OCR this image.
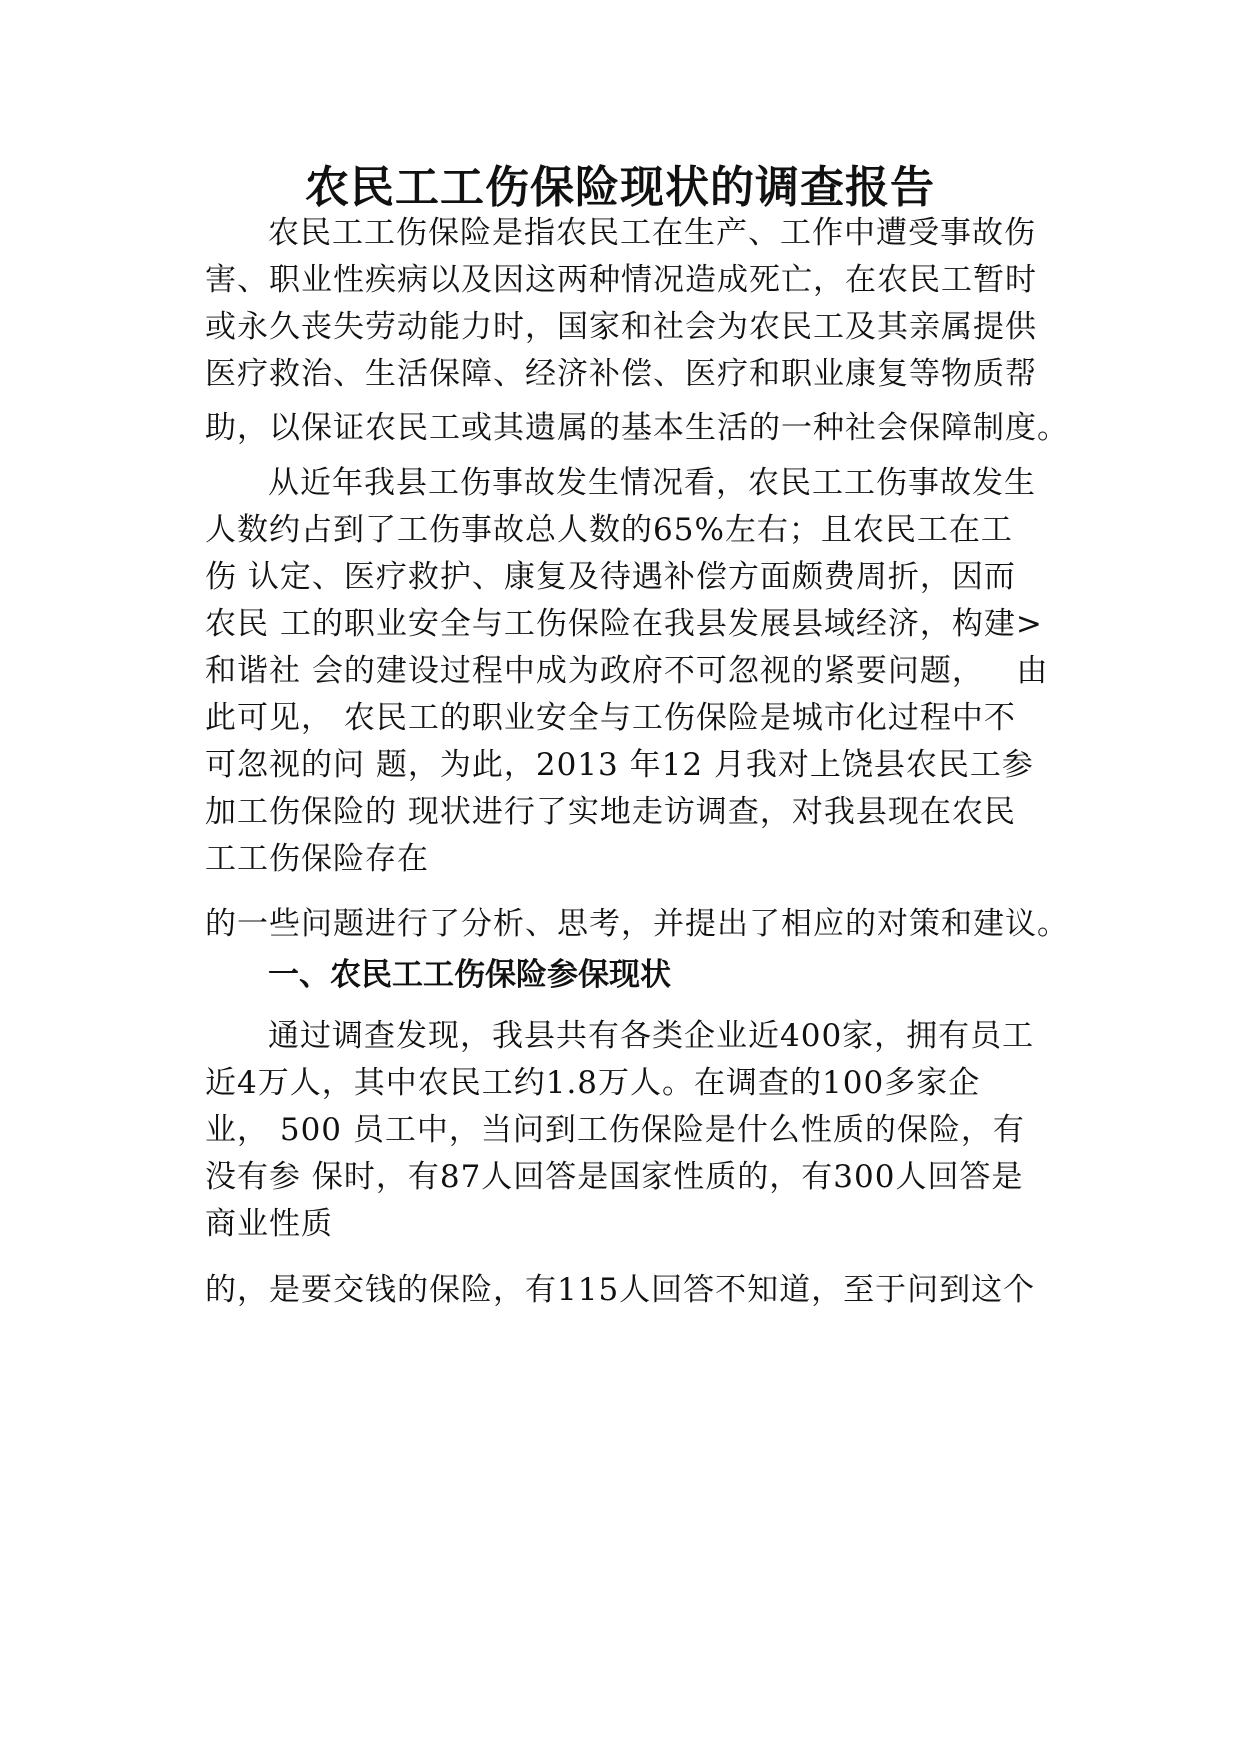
农民工工伤保险现状的调查报告
农民工工伤保险是指农民工在生产、工作中遭受事故伤
害、职业性疾病以及因这两种情况造成死亡，在农民工暂时
或永久丧失劳动能力时，国家和社会为农民工及其亲属提供
医疗救治、生活保障、经济补偿、医疗和职业康复等物质帮
助，以保证农民工或其遗属的基本生活的一种社会保障制度。
从近年我县工伤事故发生情况看，农民工工伤事故发生
人数约占到了工伤事故总人数的65%左右；且农民工在工
伤 认定、医疗救护、康复及待遇补偿方面颇费周折，因而
农民 工的职业安全与工伤保险在我县发展县域经济，构建>
和谐社 会的建设过程中成为政府不可忽视的紧要问题，   由
此可见， 农民工的职业安全与工伤保险是城市化过程中不
可忽视的问 题，为此，2013 年12 月我对上饶县农民工参
加工伤保险的 现状进行了实地走访调查，对我县现在农民
工工伤保险存在
的一些问题进行了分析、思考，并提出了相应的对策和建议。
一、农民工工伤保险参保现状
通过调查发现，我县共有各类企业近400家，拥有员工
近4万人，其中农民工约1.8万人。在调查的100多家企
业， 500 员工中，当问到工伤保险是什么性质的保险，有
没有参 保时，有87人回答是国家性质的，有300人回答是
商业性质
的，是要交钱的保险，有115人回答不知道，至于问到这个
